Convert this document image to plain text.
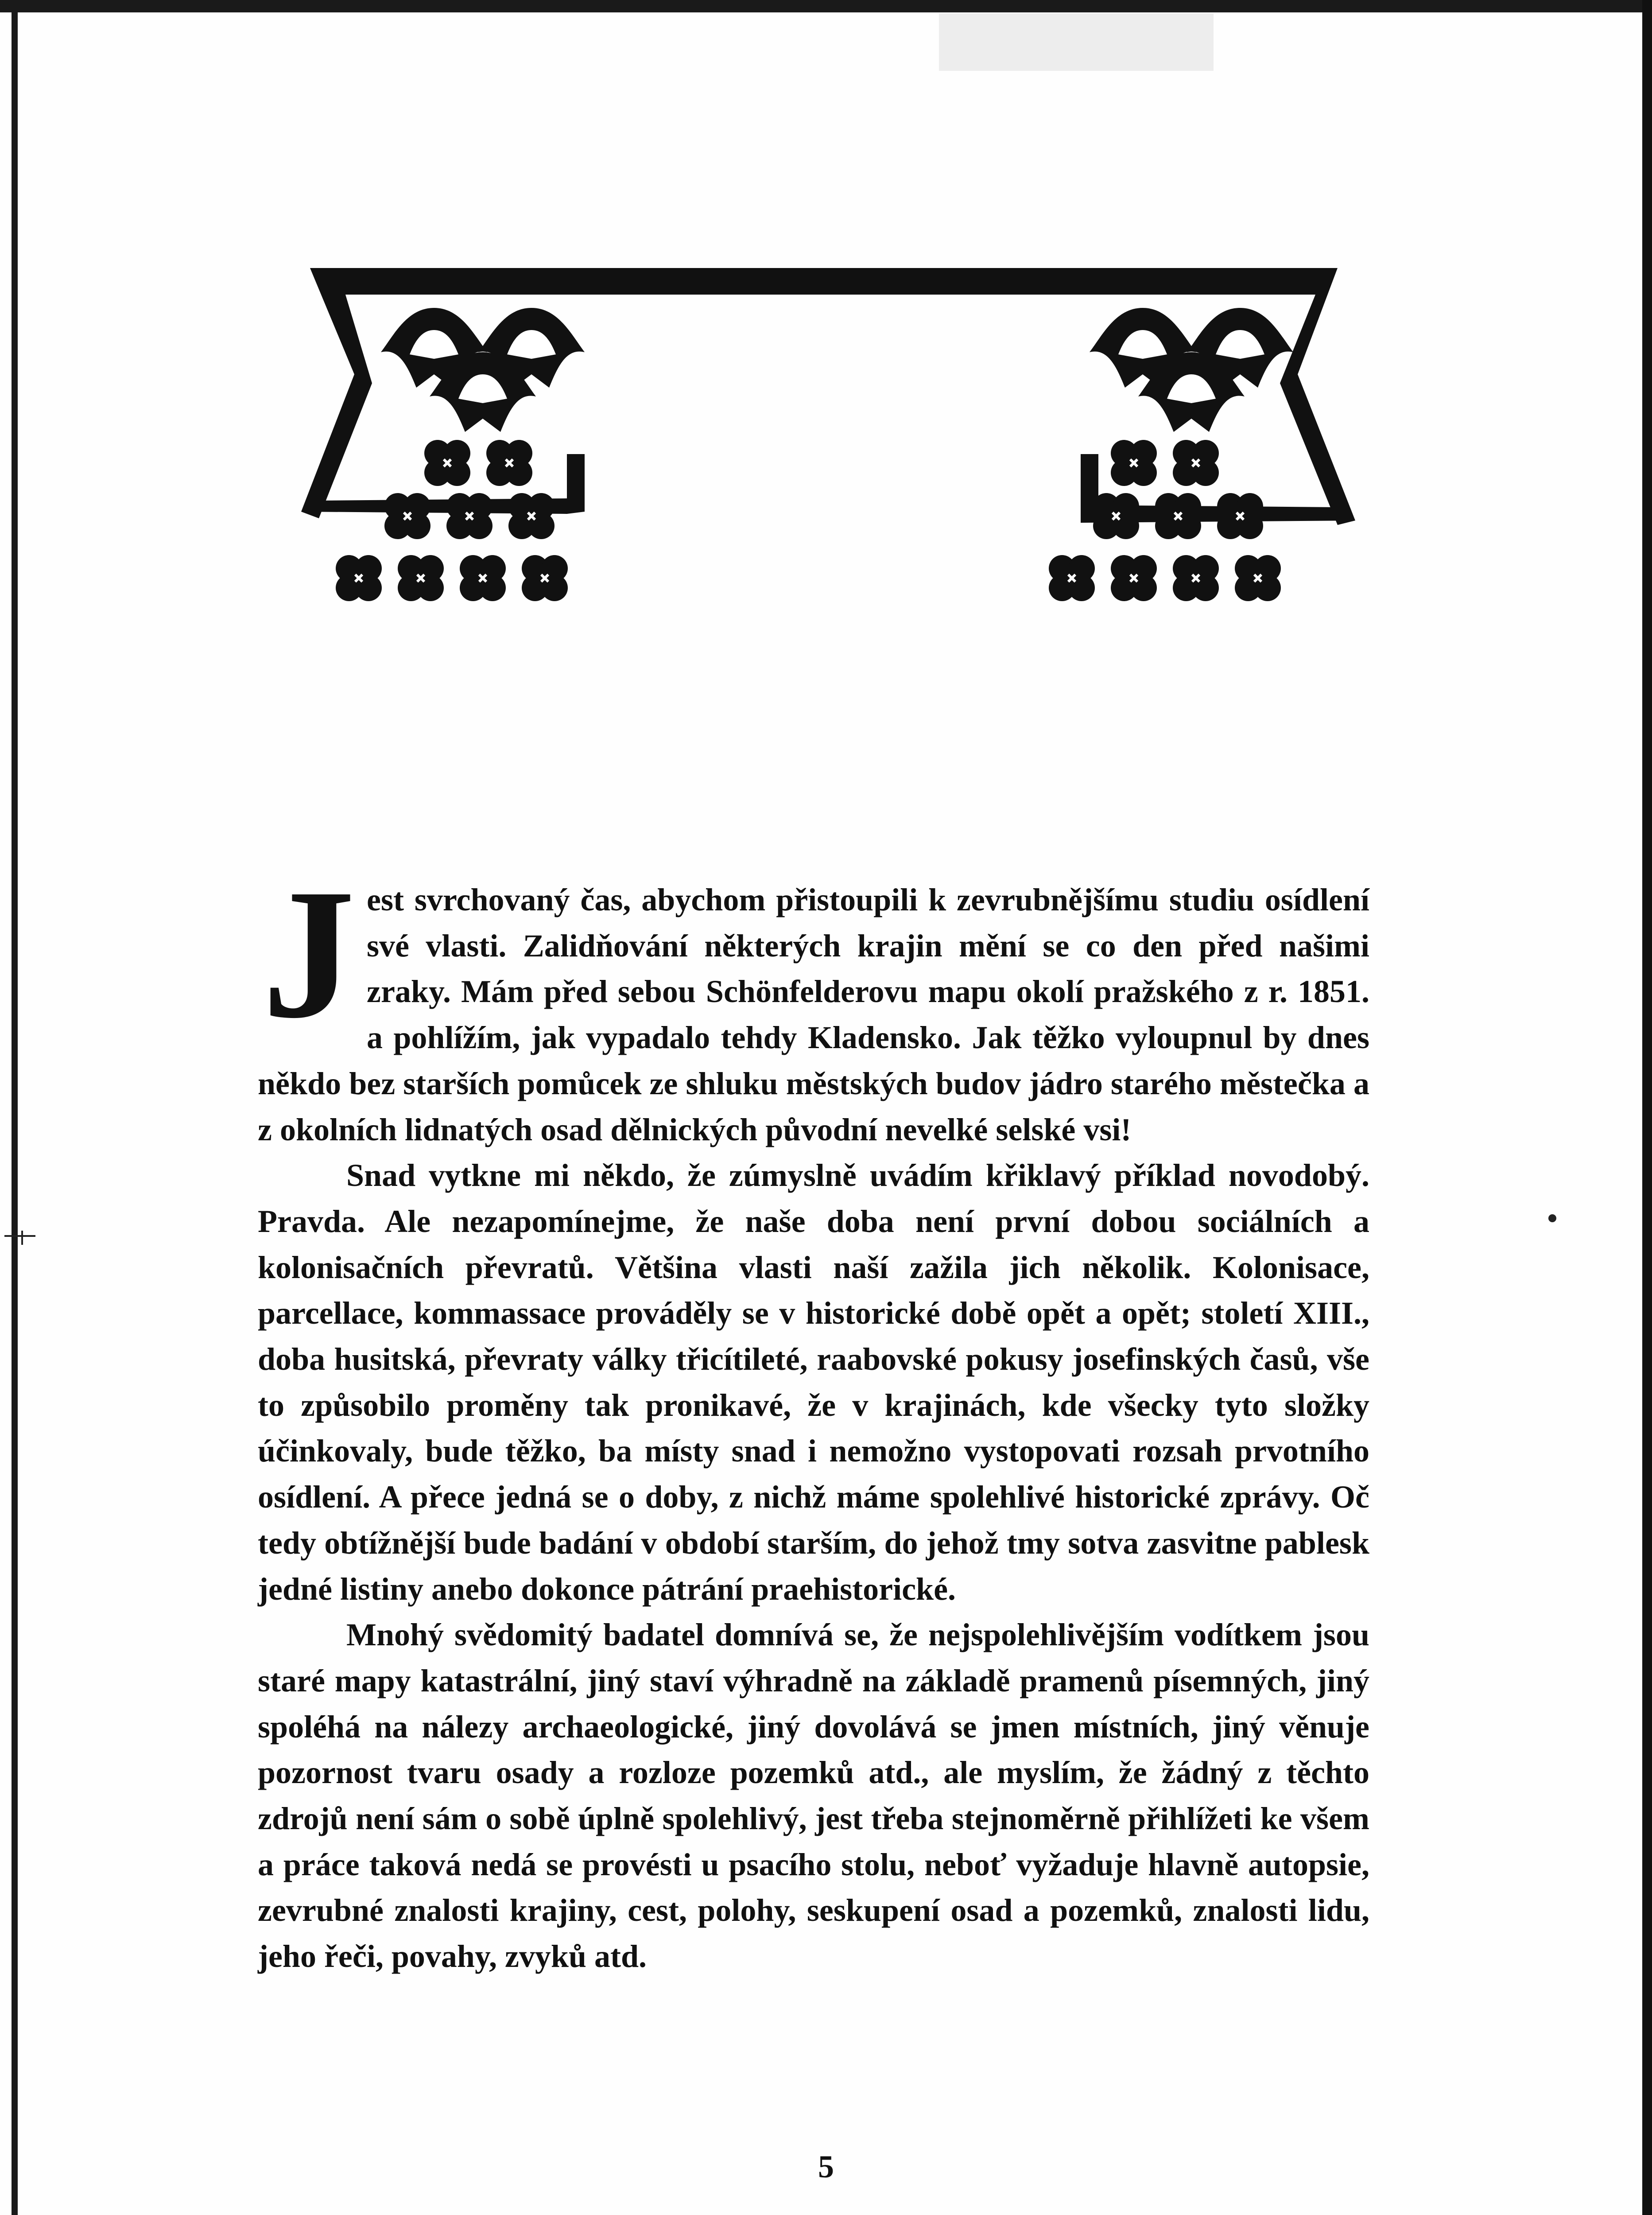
Jest svrchovaný čas, abychom přistoupili k zevrubnějšímu studiu osídlení své vlasti. Zalidňování některých krajin mění se co den před našimi zraky. Mám před sebou Schönfelderovu mapu okolí pražského z r. 1851. a pohlížím, jak vypadalo tehdy Kladensko. Jak těžko vyloupnul by dnes někdo bez starších pomůcek ze shluku městských budov jádro starého městečka a z okolních lidnatých osad dělnických původní nevelké selské vsi!

Snad vytkne mi někdo, že zúmyslně uvádím křiklavý příklad novodobý. Pravda. Ale nezapomínejme, že naše doba není první dobou sociálních a kolonisačních převratů. Většina vlasti naší zažila jich několik. Kolonisace, parcellace, kommassace prováděly se v historické době opět a opět; století XIII., doba husitská, převraty války třicítileté, raabovské pokusy josefinských časů, vše to způsobilo proměny tak pronikavé, že v krajinách, kde všecky tyto složky účinkovaly, bude těžko, ba místy snad i nemožno vystopovati rozsah prvotního osídlení. A přece jedná se o doby, z nichž máme spolehlivé historické zprávy. Oč tedy obtížnější bude badání v období starším, do jehož tmy sotva zasvitne pablesk jedné listiny anebo dokonce pátrání praehistorické.

Mnohý svědomitý badatel domnívá se, že nejspolehlivějším vodítkem jsou staré mapy katastrální, jiný staví výhradně na základě pramenů písemných, jiný spoléhá na nálezy archaeologické, jiný dovolává se jmen místních, jiný věnuje pozornost tvaru osady a rozloze pozemků atd., ale myslím, že žádný z těchto zdrojů není sám o sobě úplně spolehlivý, jest třeba stejnoměrně přihlížeti ke všem a práce taková nedá se provésti u psacího stolu, neboť vyžaduje hlavně autopsie, zevrubné znalosti krajiny, cest, polohy, seskupení osad a pozemků, znalosti lidu, jeho řeči, povahy, zvyků atd.

5
